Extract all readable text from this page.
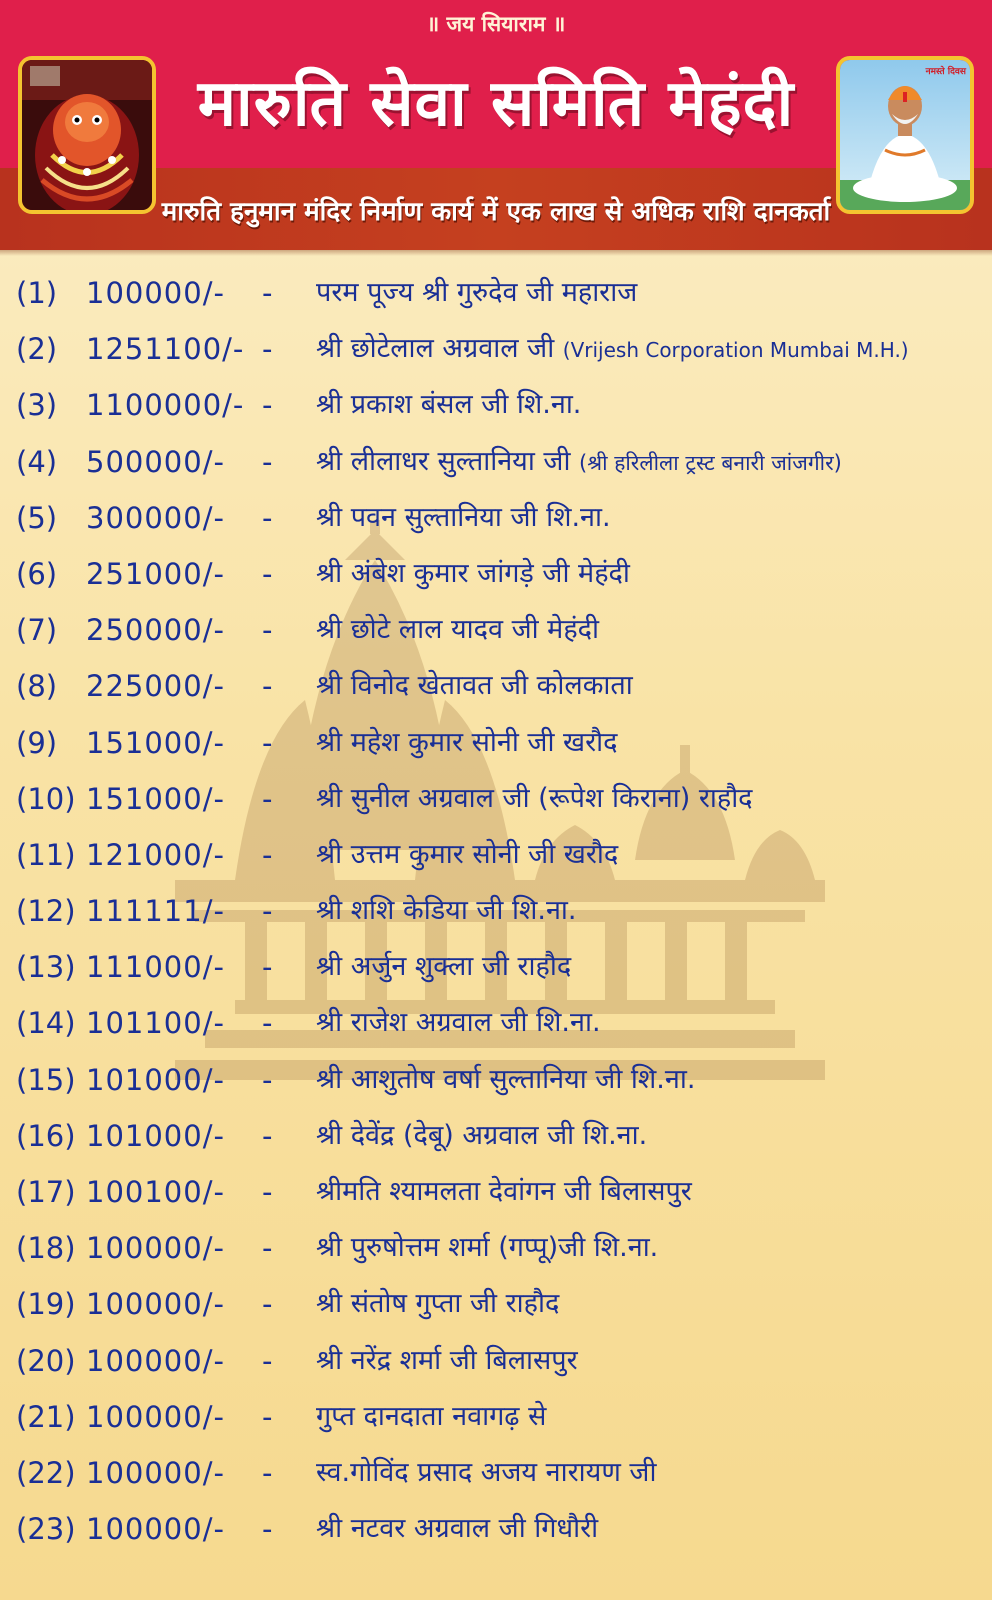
॥ जय सियाराम ॥
मारुति सेवा समिति मेहंदी
मारुति हनुमान मंदिर निर्माण कार्य में एक लाख से अधिक राशि दानकर्ता
नमस्ते दिवस
(1) 100000/- - परम पूज्य श्री गुरुदेव जी महाराज
(2) 1251100/- - श्री छोटेलाल अग्रवाल जी (Vrijesh Corporation Mumbai M.H.)
(3) 1100000/- - श्री प्रकाश बंसल जी शि.ना.
(4) 500000/- - श्री लीलाधर सुल्तानिया जी (श्री हरिलीला ट्रस्ट बनारी जांजगीर)
(5) 300000/- - श्री पवन सुल्तानिया जी शि.ना.
(6) 251000/- - श्री अंबेश कुमार जांगड़े जी मेहंदी
(7) 250000/- - श्री छोटे लाल यादव जी मेहंदी
(8) 225000/- - श्री विनोद खेतावत जी कोलकाता
(9) 151000/- - श्री महेश कुमार सोनी जी खरौद
(10) 151000/- - श्री सुनील अग्रवाल जी (रूपेश किराना) राहौद
(11) 121000/- - श्री उत्तम कुमार सोनी जी खरौद
(12) 111111/- - श्री शशि केडिया जी शि.ना.
(13) 111000/- - श्री अर्जुन शुक्ला जी राहौद
(14) 101100/- - श्री राजेश अग्रवाल जी शि.ना.
(15) 101000/- - श्री आशुतोष वर्षा सुल्तानिया जी शि.ना.
(16) 101000/- - श्री देवेंद्र (देबू) अग्रवाल जी शि.ना.
(17) 100100/- - श्रीमति श्यामलता देवांगन जी बिलासपुर
(18) 100000/- - श्री पुरुषोत्तम शर्मा (गप्पू)जी शि.ना.
(19) 100000/- - श्री संतोष गुप्ता जी राहौद
(20) 100000/- - श्री नरेंद्र शर्मा जी बिलासपुर
(21) 100000/- - गुप्त दानदाता नवागढ़ से
(22) 100000/- - स्व.गोविंद प्रसाद अजय नारायण जी
(23) 100000/- - श्री नटवर अग्रवाल जी गिधौरी
